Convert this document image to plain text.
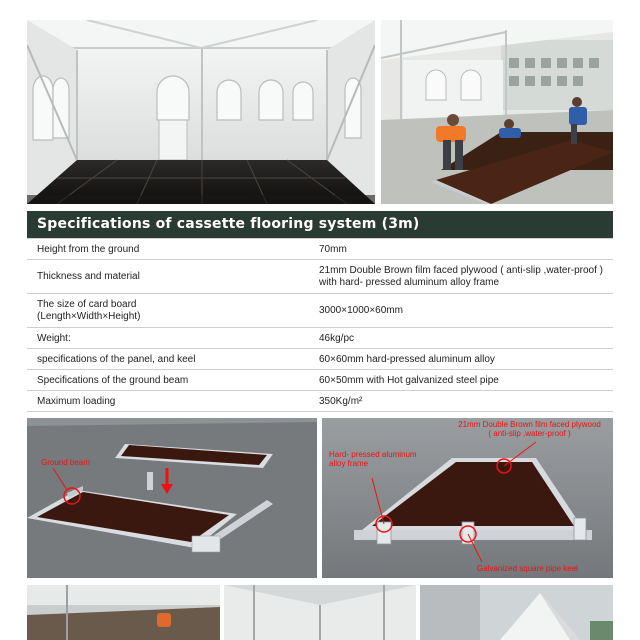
Specifications of cassette flooring system (3m)
Height from the ground	70mm
Thickness and material	21mm Double Brown film faced plywood ( anti-slip ,water-proof )
with hard- pressed aluminum alloy frame
The size of card board
(Length×Width×Height)	3000×1000×60mm
Weight:	46kg/pc
specifications of the panel, and keel	60×60mm hard-pressed aluminum alloy
Specifications of the ground beam	60×50mm with Hot galvanized steel pipe
Maximum loading	350Kg/m²
Ground beam
21mm Double Brown film faced plywood
( anti-slip ,water-proof )
Hard- pressed aluminum
alloy frame
Galvanized square pipe keel
